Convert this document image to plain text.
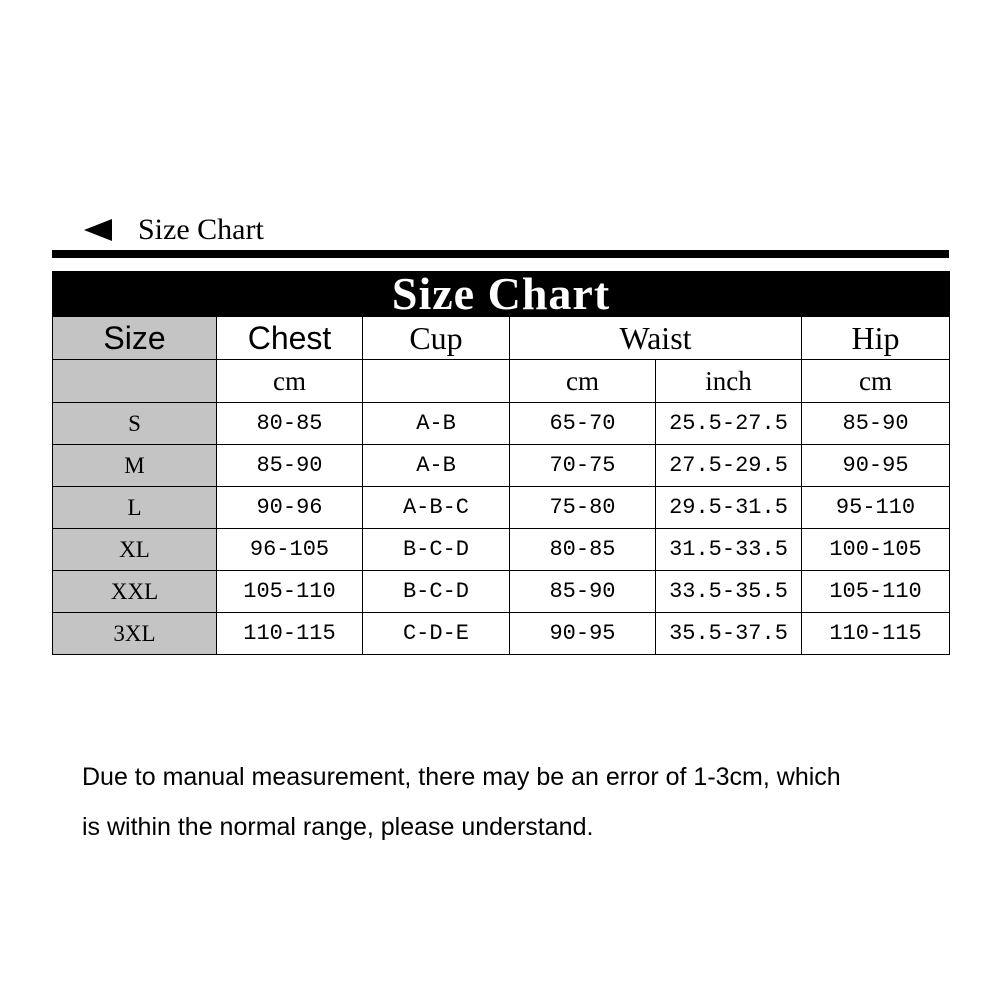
Size Chart
Size Chart					
Size	Chest	Cup	Waist		Hip
	cm		cm	inch	cm
S	80-85	A-B	65-70	25.5-27.5	85-90
M	85-90	A-B	70-75	27.5-29.5	90-95
L	90-96	A-B-C	75-80	29.5-31.5	95-110
XL	96-105	B-C-D	80-85	31.5-33.5	100-105
XXL	105-110	B-C-D	85-90	33.5-35.5	105-110
3XL	110-115	C-D-E	90-95	35.5-37.5	110-115
Due to manual measurement, there may be an error of 1-3cm, which
is within the normal range, please understand.
